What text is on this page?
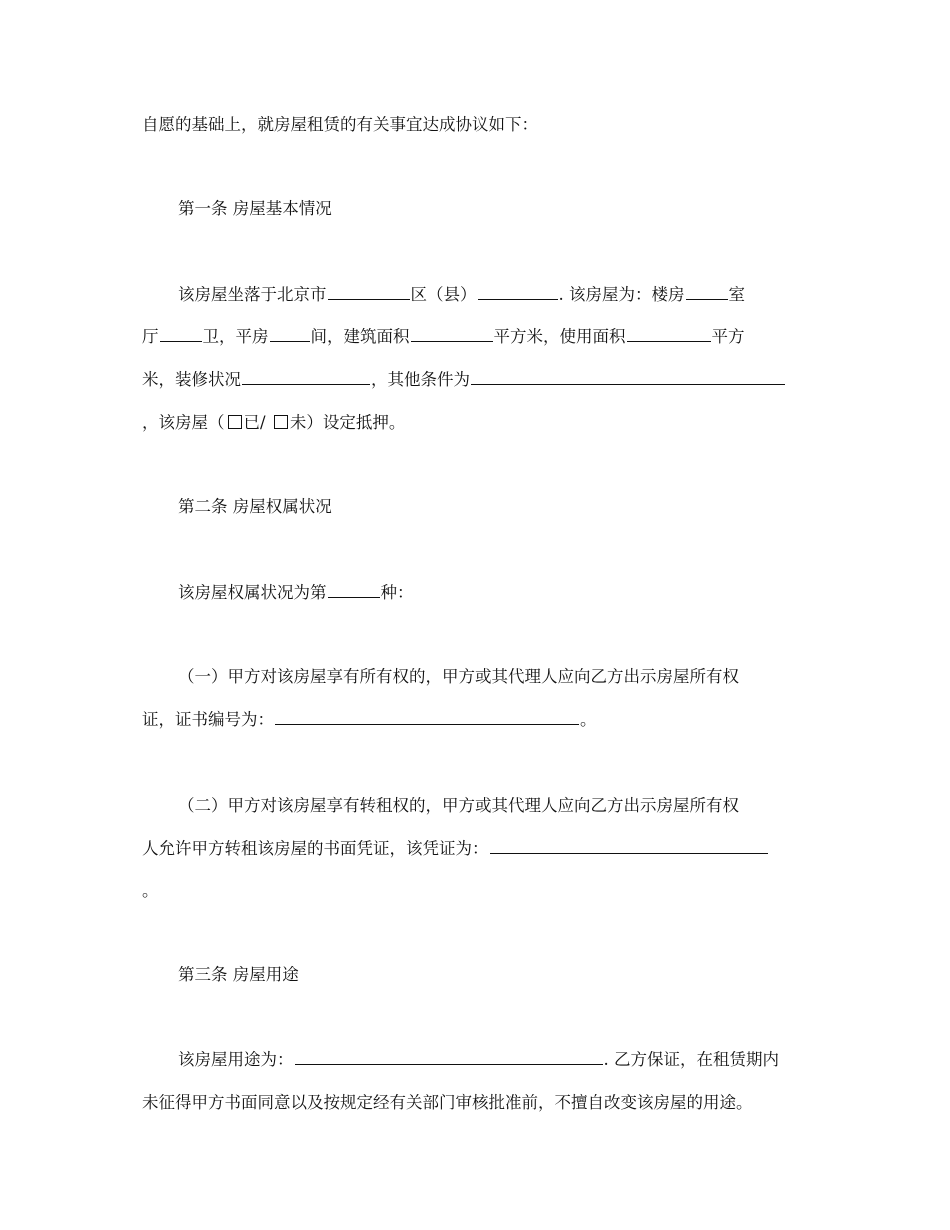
自愿的基础上，就房屋租赁的有关事宜达成协议如下：
第一条 房屋基本情况
该房屋坐落于北京市	区（县）	. 该房屋为：楼房	室
厅	卫，平房	间，建筑面积	平方米，使用面积	平方
米，装修状况	，其他条件为
，该房屋（ 已/ 未）设定抵押。
第二条 房屋权属状况
该房屋权属状况为第	种：
（一）甲方对该房屋享有所有权的，甲方或其代理人应向乙方出示房屋所有权
证，证书编号为：	。
（二）甲方对该房屋享有转租权的，甲方或其代理人应向乙方出示房屋所有权
人允许甲方转租该房屋的书面凭证，该凭证为：
。
第三条 房屋用途
该房屋用途为：	. 乙方保证，在租赁期内
未征得甲方书面同意以及按规定经有关部门审核批准前，不擅自改变该房屋的用途。
